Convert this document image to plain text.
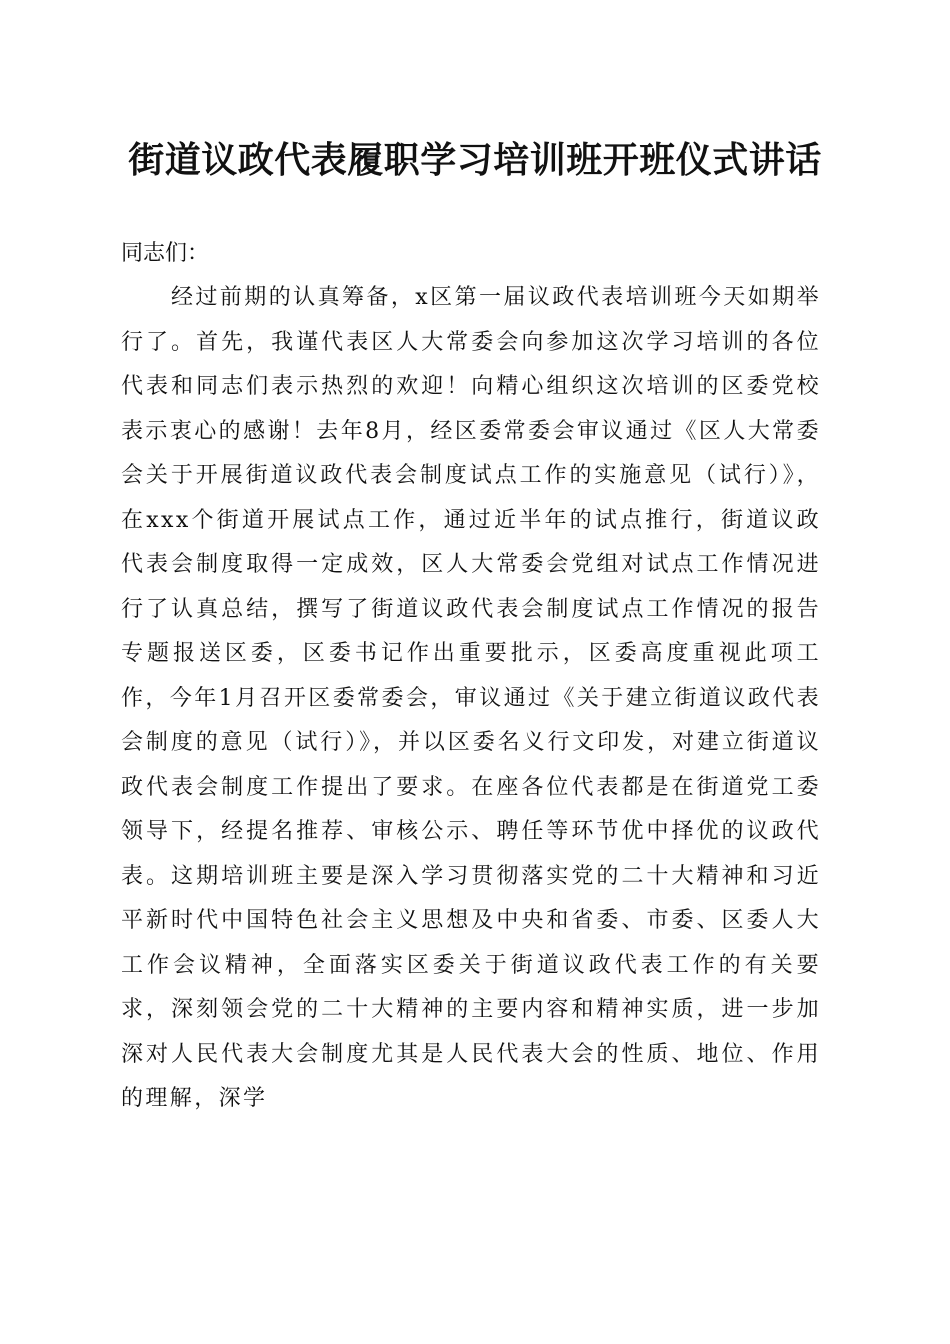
街道议政代表履职学习培训班开班仪式讲话

同志们：

经过前期的认真筹备，x区第一届议政代表培训班今天如期举行了。首先，我谨代表区人大常委会向参加这次学习培训的各位代表和同志们表示热烈的欢迎！向精心组织这次培训的区委党校表示衷心的感谢！去年8月，经区委常委会审议通过《区人大常委会关于开展街道议政代表会制度试点工作的实施意见（试行）》，在xxx个街道开展试点工作，通过近半年的试点推行，街道议政代表会制度取得一定成效，区人大常委会党组对试点工作情况进行了认真总结，撰写了街道议政代表会制度试点工作情况的报告专题报送区委，区委书记作出重要批示，区委高度重视此项工作，今年1月召开区委常委会，审议通过《关于建立街道议政代表会制度的意见（试行）》，并以区委名义行文印发，对建立街道议政代表会制度工作提出了要求。在座各位代表都是在街道党工委领导下，经提名推荐、审核公示、聘任等环节优中择优的议政代表。这期培训班主要是深入学习贯彻落实党的二十大精神和习近平新时代中国特色社会主义思想及中央和省委、市委、区委人大工作会议精神，全面落实区委关于街道议政代表工作的有关要求，深刻领会党的二十大精神的主要内容和精神实质，进一步加深对人民代表大会制度尤其是人民代表大会的性质、地位、作用的理解，深学
